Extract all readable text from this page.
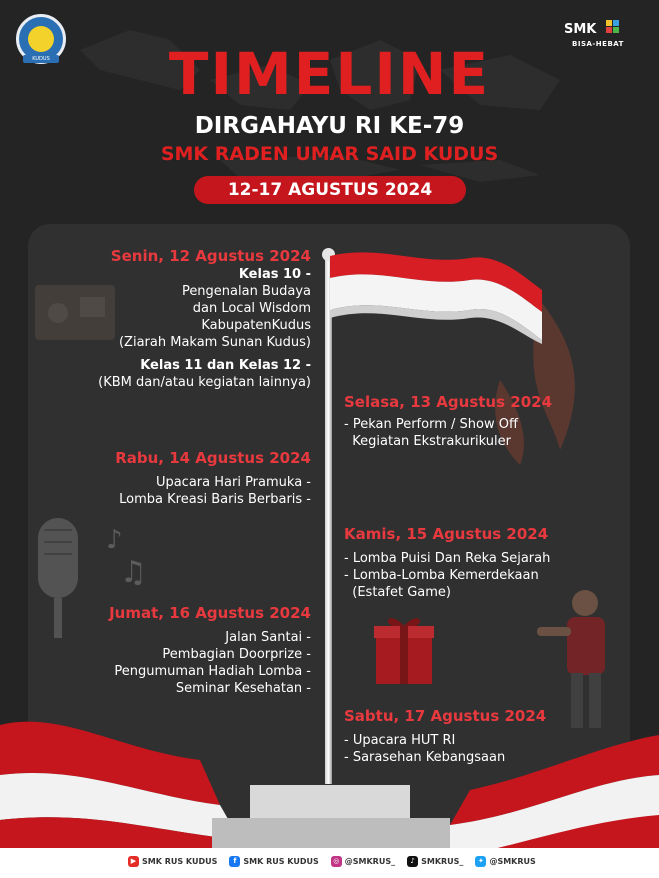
KUDUS
SMK
BISA-HEBAT
TIMELINE
DIRGAHAYU RI KE-79
SMK RADEN UMAR SAID KUDUS
12-17 AGUSTUS 2024
♪
♫
Senin, 12 Agustus 2024
Kelas 10 -
Pengenalan Budaya
dan Local Wisdom
KabupatenKudus
(Ziarah Makam Sunan Kudus)
Kelas 11 dan Kelas 12 -
(KBM dan/atau kegiatan lainnya)
Rabu, 14 Agustus 2024
Upacara Hari Pramuka -
Lomba Kreasi Baris Berbaris -
Jumat, 16 Agustus 2024
Jalan Santai -
Pembagian Doorprize -
Pengumuman Hadiah Lomba -
Seminar Kesehatan -
Selasa, 13 Agustus 2024
- Pekan Perform / Show Off
Kegiatan Ekstrakurikuler
Kamis, 15 Agustus 2024
- Lomba Puisi Dan Reka Sejarah
- Lomba-Lomba Kemerdekaan
(Estafet Game)
Sabtu, 17 Agustus 2024
- Upacara HUT RI
- Sarasehan Kebangsaan
▶ SMK RUS KUDUS	f SMK RUS KUDUS	◎ @SMKRUS_	♪ SMKRUS_	✦ @SMKRUS
